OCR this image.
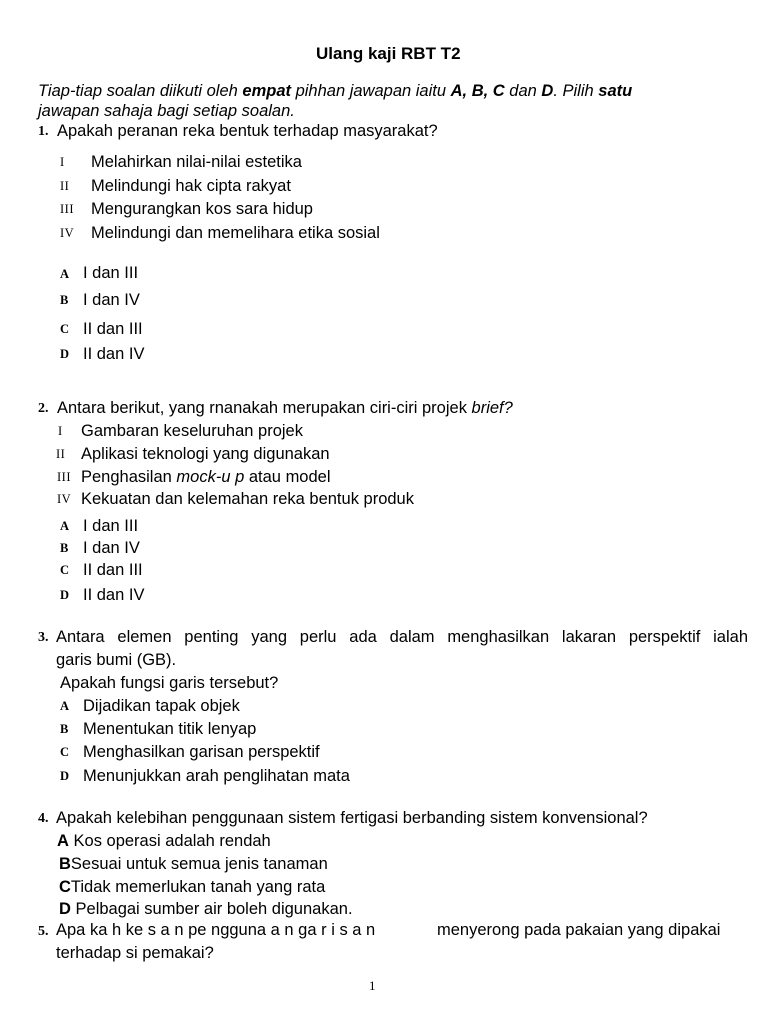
Ulang kaji RBT T2
Tiap-tiap soalan diikuti oleh empat pihhan jawapan iaitu A, B, C dan D. Pilih satu
jawapan sahaja bagi setiap soalan.
1. Apakah peranan reka bentuk terhadap masyarakat?
I Melahirkan nilai-nilai estetika
II Melindungi hak cipta rakyat
III Mengurangkan kos sara hidup
IV Melindungi dan memelihara etika sosial
A I dan III
B I dan IV
C II dan III
D II dan IV
2. Antara berikut, yang rnanakah merupakan ciri-ciri projek brief?
I Gambaran keseluruhan projek
II Aplikasi teknologi yang digunakan
III Penghasilan mock-u p atau model
IV Kekuatan dan kelemahan reka bentuk produk
A I dan III
B I dan IV
C II dan III
D II dan IV
3. Antara elemen penting yang perlu ada dalam menghasilkan lakaran perspektif ialah
garis bumi (GB).
Apakah fungsi garis tersebut?
A Dijadikan tapak objek
B Menentukan titik lenyap
C Menghasilkan garisan perspektif
D Menunjukkan arah penglihatan mata
4. Apakah kelebihan penggunaan sistem fertigasi berbanding sistem konvensional?
A Kos operasi adalah rendah
BSesuai untuk semua jenis tanaman
CTidak memerlukan tanah yang rata
D Pelbagai sumber air boleh digunakan.
5. Apa ka h ke s a n pe ngguna a n ga r i s a n	menyerong pada pakaian yang dipakai
terhadap si pemakai?
1
